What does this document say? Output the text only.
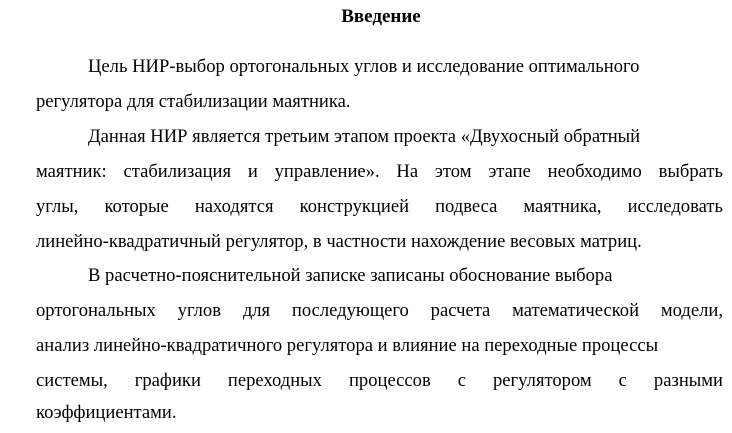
Введение

Цель НИР-выбор ортогональных углов и исследование оптимального

регулятора для стабилизации маятника.

Данная НИР является третьим этапом проекта «Двухосный обратный

маятник: стабилизация и управление». На этом этапе необходимо выбрать

углы, которые находятся конструкцией подвеса маятника, исследовать

линейно-квадратичный регулятор, в частности нахождение весовых матриц.

В расчетно-пояснительной записке записаны обоснование выбора

ортогональных углов для последующего расчета математической модели,

анализ линейно-квадратичного регулятора и влияние на переходные процессы

системы, графики переходных процессов с регулятором с разными

коэффициентами.
